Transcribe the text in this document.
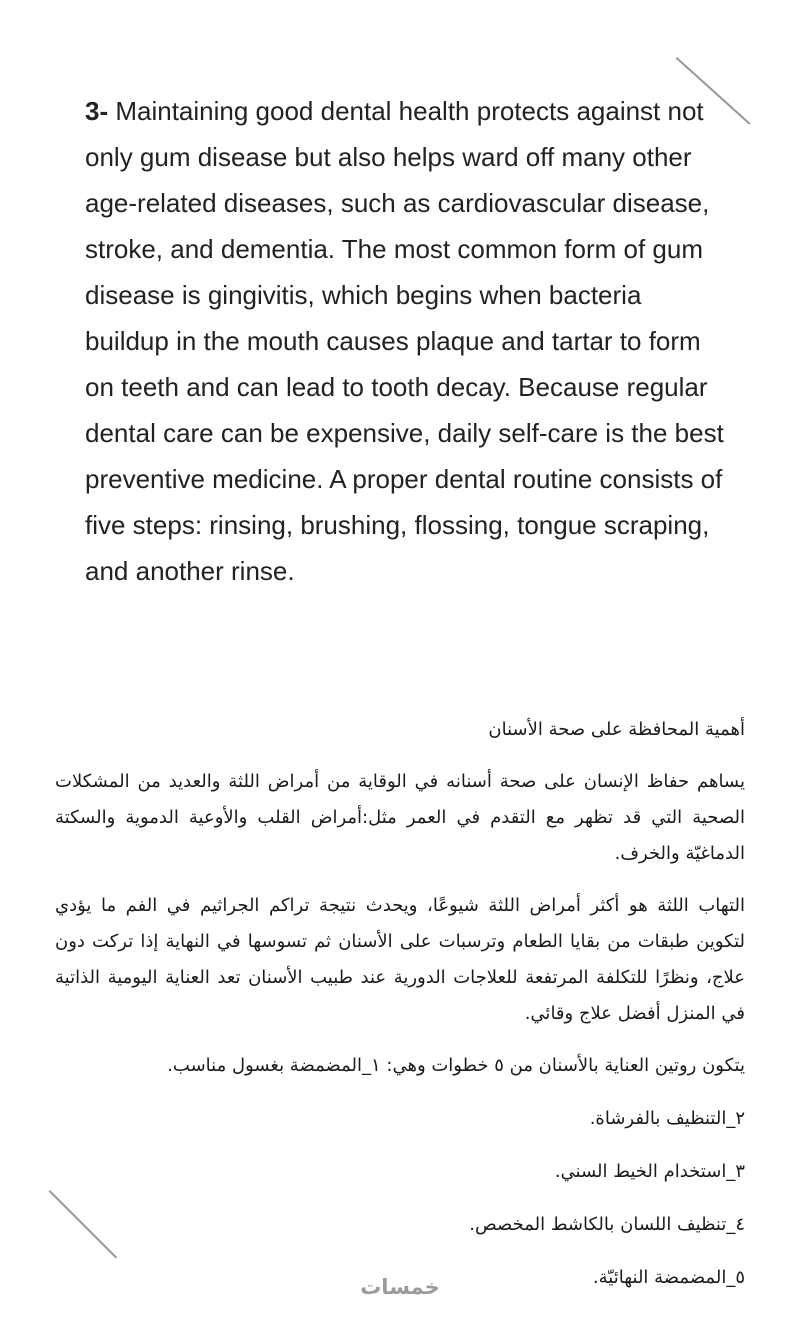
3- Maintaining good dental health protects against not only gum disease but also helps ward off many other age-related diseases, such as cardiovascular disease, stroke, and dementia. The most common form of gum disease is gingivitis, which begins when bacteria buildup in the mouth causes plaque and tartar to form on teeth and can lead to tooth decay. Because regular dental care can be expensive, daily self-care is the best preventive medicine. A proper dental routine consists of five steps: rinsing, brushing, flossing, tongue scraping, and another rinse.

أهمية المحافظة على صحة الأسنان

يساهم حفاظ الإنسان على صحة أسنانه في الوقاية من أمراض اللثة والعديد من المشكلات الصحية التي قد تظهر مع التقدم في العمر مثل:أمراض القلب والأوعية الدموية والسكتة الدماغيّة والخرف.

التهاب اللثة هو أكثر أمراض اللثة شيوعًا، ويحدث نتيجة تراكم الجراثيم في الفم ما يؤدي لتكوين طبقات من بقايا الطعام وترسبات على الأسنان ثم تسوسها في النهاية إذا تركت دون علاج، ونظرًا للتكلفة المرتفعة للعلاجات الدورية عند طبيب الأسنان تعد العناية اليومية الذاتية في المنزل أفضل علاج وقائي.

يتكون روتين العناية بالأسنان من ٥ خطوات وهي: ١_المضمضة بغسول مناسب.

٢_التنظيف بالفرشاة.

٣_استخدام الخيط السني.

٤_تنظيف اللسان بالكاشط المخصص.

٥_المضمضة النهائيّة.

خمسات
